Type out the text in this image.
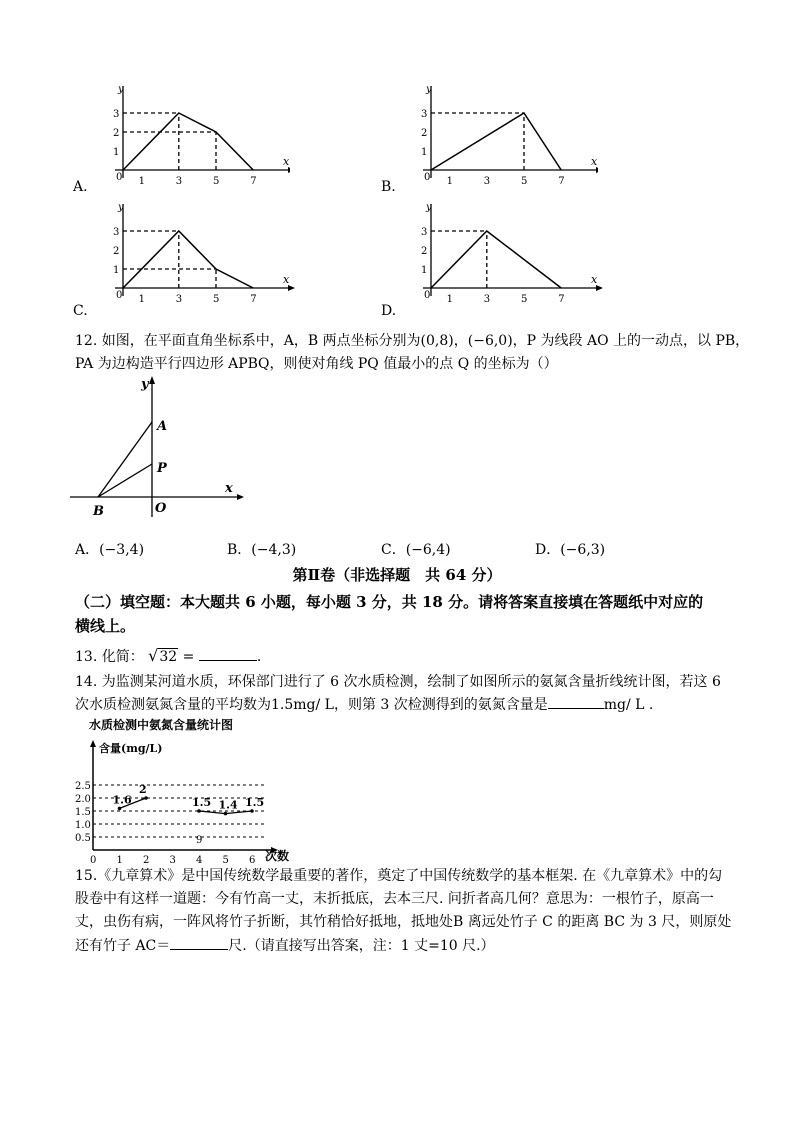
x
y
0 1	3	5	7
1
2
3
x
y
0 1	3	5	7
1
2
3
x
y
0 1	3	5	7
1
2
3
x
y
0 1	3	5	7
1
2
3
12. 如图，在平面直角坐标系中，A，B 两点坐标分别为(0,8)，(−6,0)，P 为线段 AO 上的一动点，以 PB，
PA 为边构造平行四边形 APBQ，则使对角线 PQ 值最小的点 Q 的坐标为（）
A
P
B	O
x
y
A．(−3,4)	B．(−4,3)	C．(−6,4)	D．(−6,3)
第Ⅱ卷（非选择题　共 64 分）
（二）填空题：本大题共 6 小题，每小题 3 分，共 18 分。请将答案直接填在答题纸中对应的
横线上。
13. 化简： √32 =	.
14. 为监测某河道水质，环保部门进行了 6 次水质检测，绘制了如图所示的氨氮含量折线统计图，若这 6
次水质检测氨氮含量的平均数为1.5mg/ L，则第 3 次检测得到的氨氮含量是	mg/ L .
水质检测中氨氮含量统计图
含量(mg/L)
次数
0.5
1.0
1.5
2.0
2.5
0 1 2 3 4 5 6
1.6
2
1.5 1.4 1.5
9
15.《九章算术》是中国传统数学最重要的著作，奠定了中国传统数学的基本框架. 在《九章算术》中的勾
股卷中有这样一道题：今有竹高一丈，末折抵底，去本三尺. 问折者高几何？意思为：一根竹子，原高一
丈，虫伤有病，一阵风将竹子折断，其竹稍恰好抵地，抵地处B 离远处竹子 C 的距离 BC 为 3 尺，则原处
还有竹子 AC＝	尺.（请直接写出答案，注：1 丈=10 尺.）
A.	B.
C.	D.
